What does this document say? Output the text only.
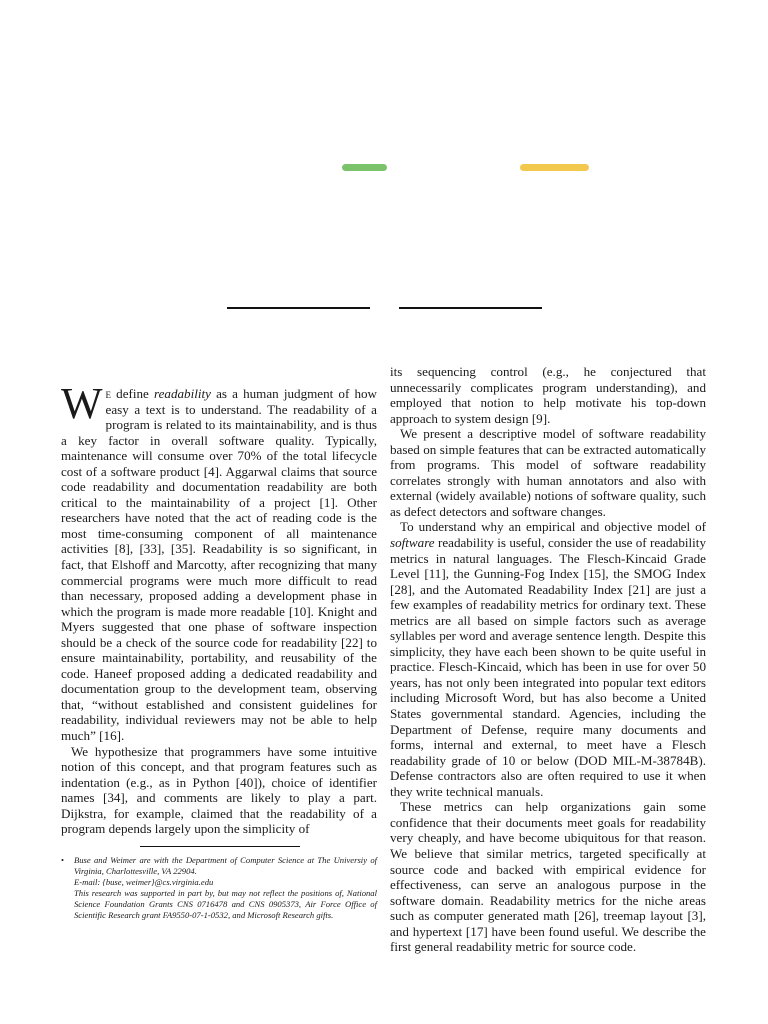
We define readability as a human judgment of how easy a text is to understand. The readability of a program is related to its maintainability, and is thus a key factor in overall software quality. Typically, maintenance will consume over 70% of the total lifecycle cost of a software product [4]. Aggarwal claims that source code readability and documentation readability are both critical to the maintainability of a project [1]. Other researchers have noted that the act of reading code is the most time-consuming component of all maintenance activities [8], [33], [35]. Readability is so significant, in fact, that Elshoff and Marcotty, after recognizing that many commercial programs were much more difficult to read than necessary, proposed adding a development phase in which the program is made more readable [10]. Knight and Myers suggested that one phase of software inspection should be a check of the source code for readability [22] to ensure maintainability, portability, and reusability of the code. Haneef proposed adding a dedicated readability and documentation group to the development team, observing that, “without established and consistent guidelines for readability, individual reviewers may not be able to help much” [16].

We hypothesize that programmers have some intuitive notion of this concept, and that program features such as indentation (e.g., as in Python [40]), choice of identifier names [34], and comments are likely to play a part. Dijkstra, for example, claimed that the readability of a program depends largely upon the simplicity of

its sequencing control (e.g., he conjectured that unnecessarily complicates program understanding), and employed that notion to help motivate his top-down approach to system design [9].

We present a descriptive model of software readability based on simple features that can be extracted automatically from programs. This model of software readability correlates strongly with human annotators and also with external (widely available) notions of software quality, such as defect detectors and software changes.

To understand why an empirical and objective model of software readability is useful, consider the use of readability metrics in natural languages. The Flesch-Kincaid Grade Level [11], the Gunning-Fog Index [15], the SMOG Index [28], and the Automated Readability Index [21] are just a few examples of readability metrics for ordinary text. These metrics are all based on simple factors such as average syllables per word and average sentence length. Despite this simplicity, they have each been shown to be quite useful in practice. Flesch-Kincaid, which has been in use for over 50 years, has not only been integrated into popular text editors including Microsoft Word, but has also become a United States governmental standard. Agencies, including the Department of Defense, require many documents and forms, internal and external, to meet have a Flesch readability grade of 10 or below (DOD MIL-M-38784B). Defense contractors also are often required to use it when they write technical manuals.

These metrics can help organizations gain some confidence that their documents meet goals for readability very cheaply, and have become ubiquitous for that reason. We believe that similar metrics, targeted specifically at source code and backed with empirical evidence for effectiveness, can serve an analogous purpose in the software domain. Readability metrics for the niche areas such as computer generated math [26], treemap layout [3], and hypertext [17] have been found useful. We describe the first general readability metric for source code.

• Buse and Weimer are with the Department of Computer Science at The Universiy of Virginia, Charlottesville, VA 22904.
E-mail: {buse, weimer}@cs.virginia.edu
This research was supported in part by, but may not reflect the positions of, National Science Foundation Grants CNS 0716478 and CNS 0905373, Air Force Office of Scientific Research grant FA9550-07-1-0532, and Microsoft Research gifts.
